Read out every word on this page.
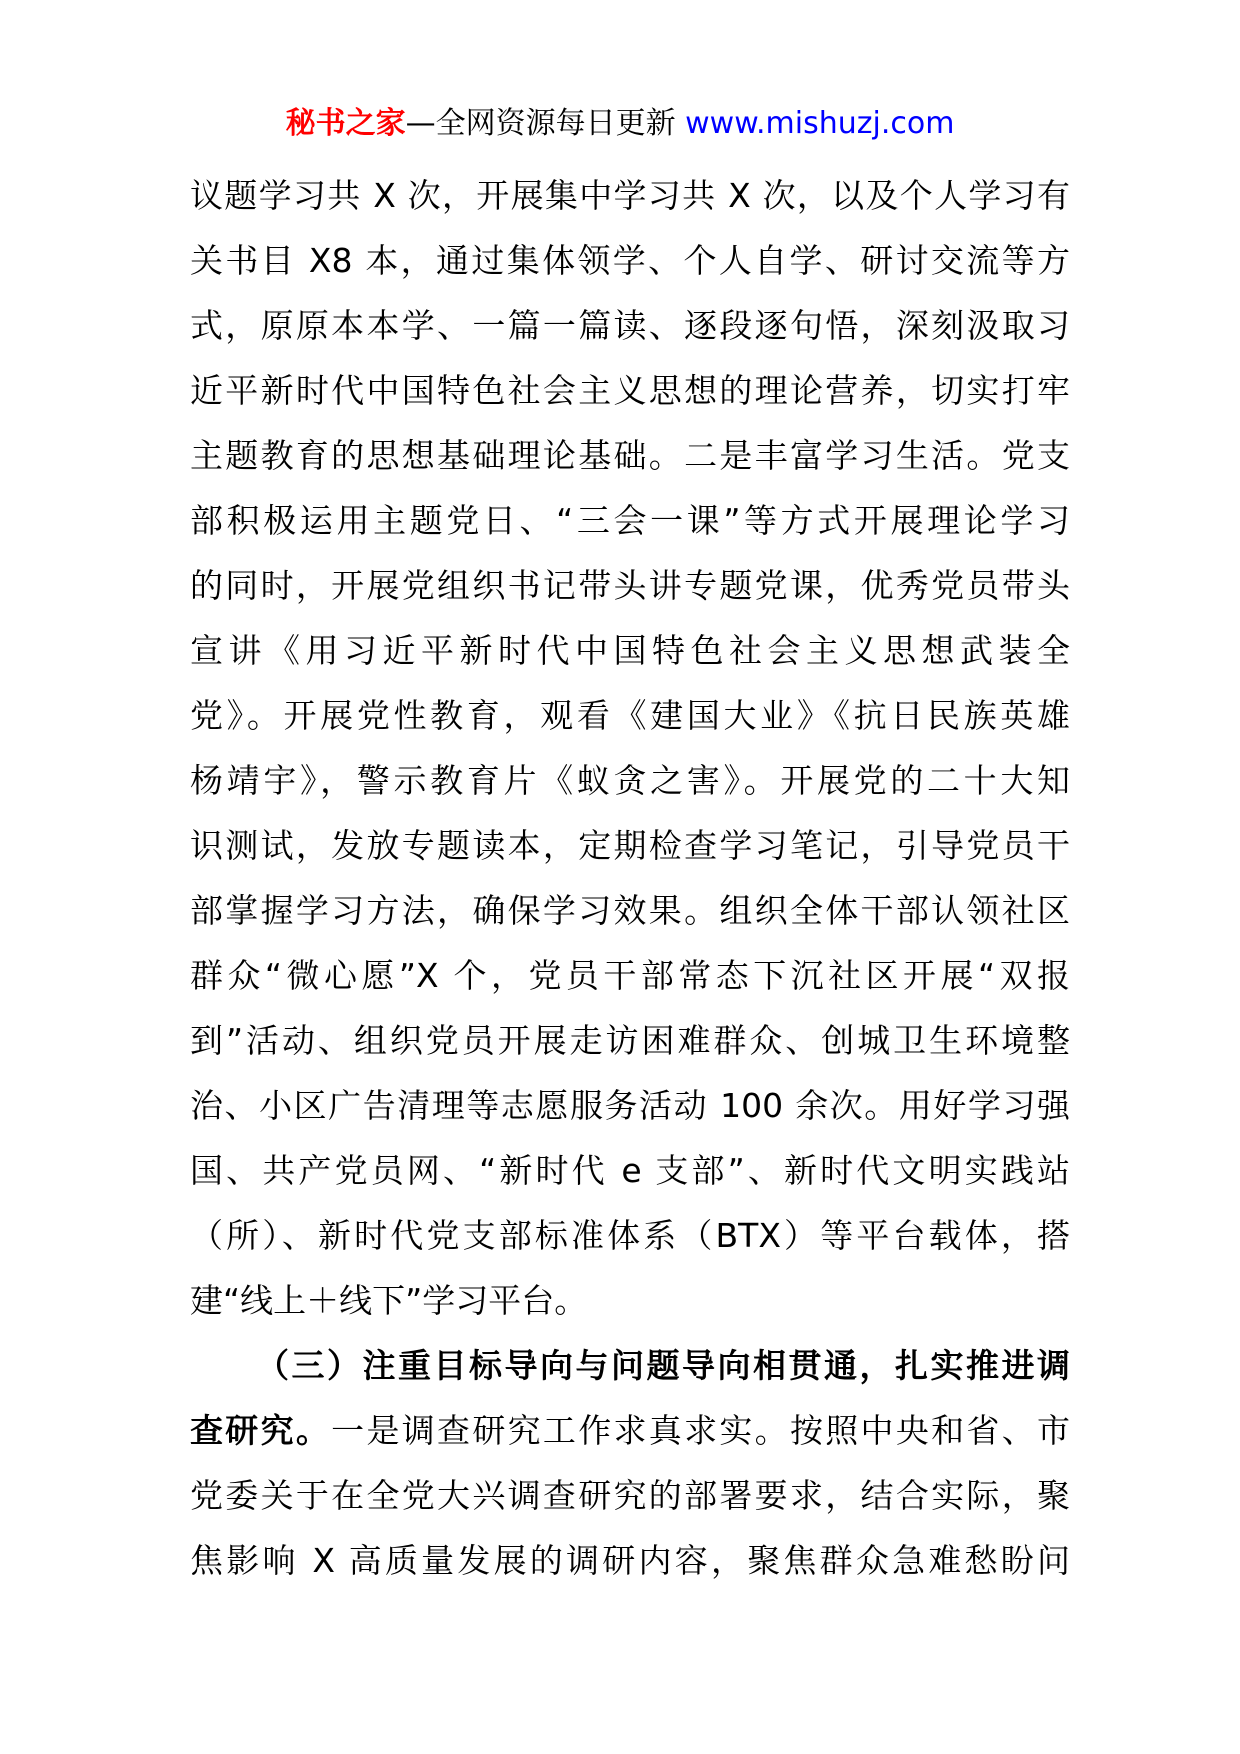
秘书之家—全网资源每日更新 www.mishuzj.com
议题学习共 X 次，开展集中学习共 X 次，以及个人学习有
关书目 X8 本，通过集体领学、个人自学、研讨交流等方
式，原原本本学、一篇一篇读、逐段逐句悟，深刻汲取习
近平新时代中国特色社会主义思想的理论营养，切实打牢
主题教育的思想基础理论基础。二是丰富学习生活。党支
部积极运用主题党日、“三会一课”等方式开展理论学习
的同时，开展党组织书记带头讲专题党课，优秀党员带头
宣讲《用习近平新时代中国特色社会主义思想武装全
党》。开展党性教育，观看《建国大业》《抗日民族英雄
杨靖宇》，警示教育片《蚁贪之害》。开展党的二十大知
识测试，发放专题读本，定期检查学习笔记，引导党员干
部掌握学习方法，确保学习效果。组织全体干部认领社区
群众“微心愿”X 个，党员干部常态下沉社区开展“双报
到”活动、组织党员开展走访困难群众、创城卫生环境整
治、小区广告清理等志愿服务活动 100 余次。用好学习强
国、共产党员网、“新时代 e 支部”、新时代文明实践站
（所）、新时代党支部标准体系（BTX）等平台载体，搭
建“线上＋线下”学习平台。
（三）注重目标导向与问题导向相贯通，扎实推进调
查研究。一是调查研究工作求真求实。按照中央和省、市
党委关于在全党大兴调查研究的部署要求，结合实际，聚
焦影响 X 高质量发展的调研内容，聚焦群众急难愁盼问
